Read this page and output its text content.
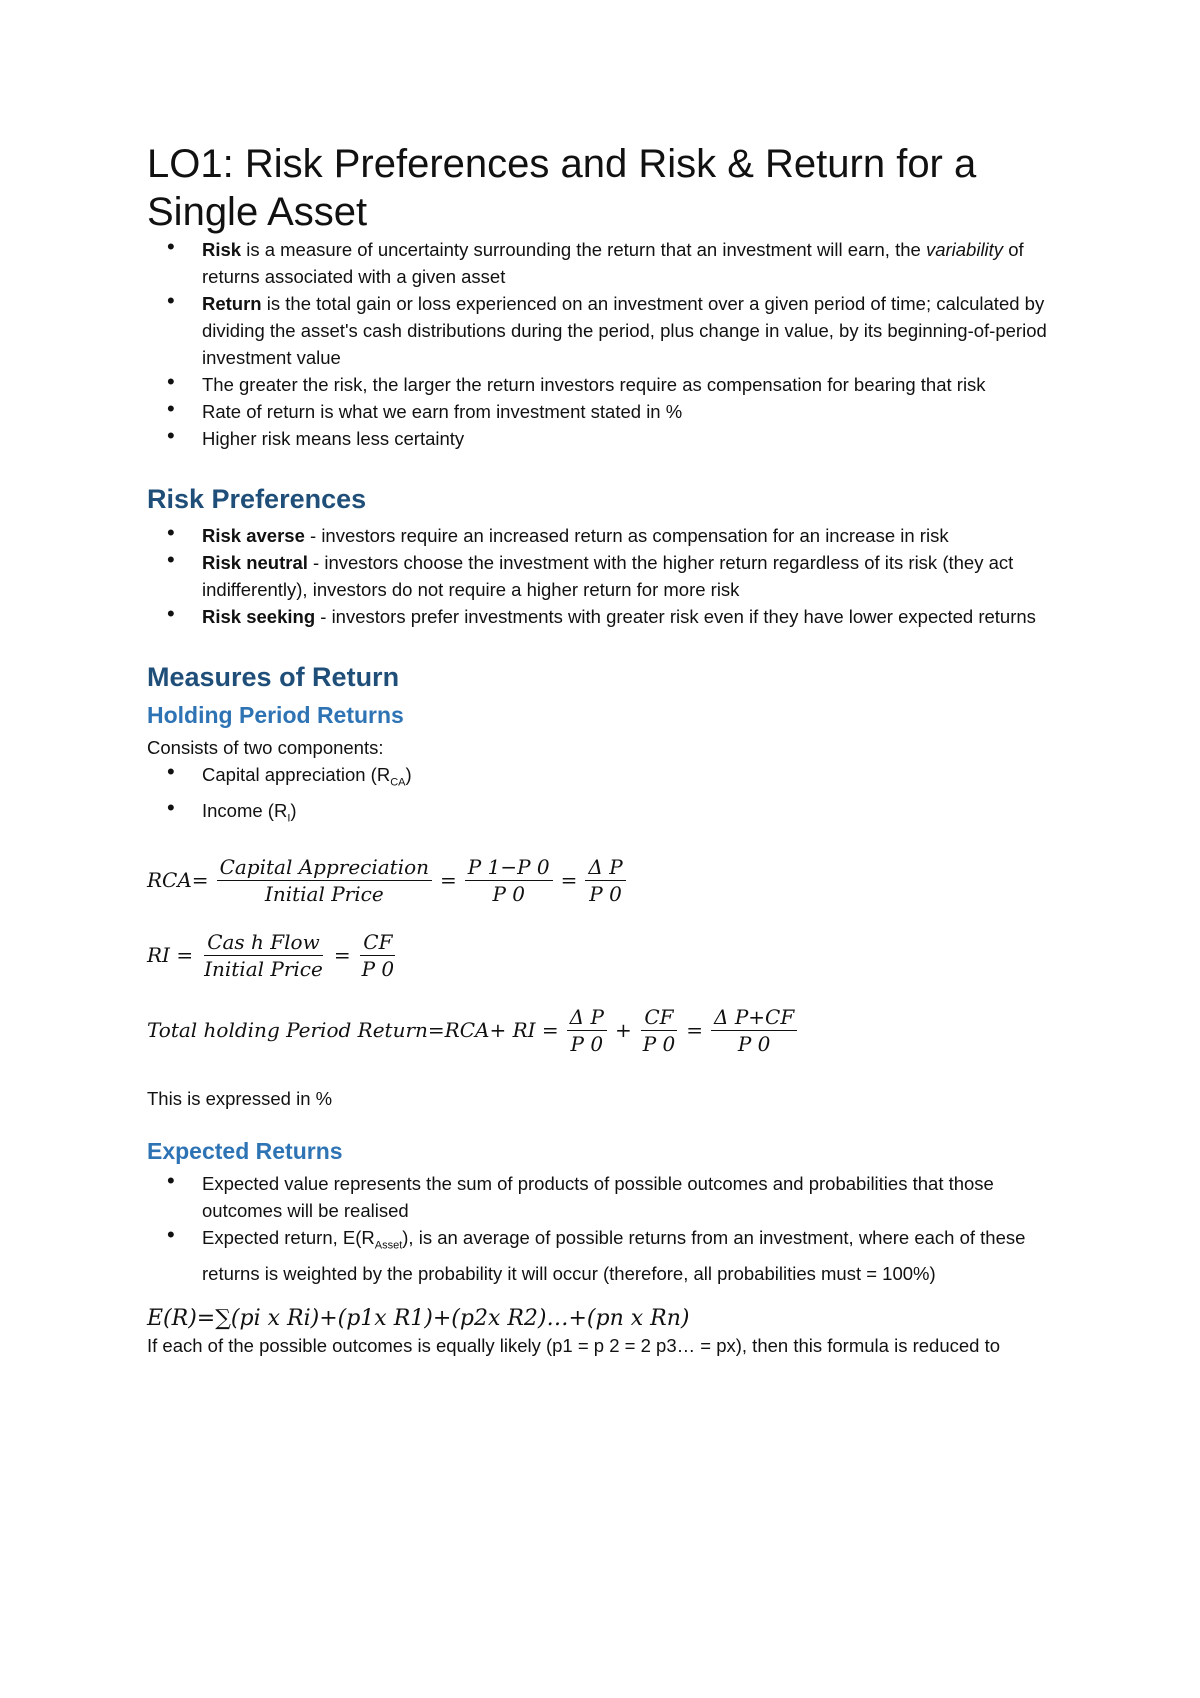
LO1: Risk Preferences and Risk & Return for a Single Asset
• Risk is a measure of uncertainty surrounding the return that an investment will earn, the variability of returns associated with a given asset
• Return is the total gain or loss experienced on an investment over a given period of time; calculated by dividing the asset's cash distributions during the period, plus change in value, by its beginning-of-period investment value
• The greater the risk, the larger the return investors require as compensation for bearing that risk
• Rate of return is what we earn from investment stated in %
• Higher risk means less certainty
Risk Preferences
• Risk averse - investors require an increased return as compensation for an increase in risk
• Risk neutral - investors choose the investment with the higher return regardless of its risk (they act indifferently), investors do not require a higher return for more risk
• Risk seeking - investors prefer investments with greater risk even if they have lower expected returns
Measures of Return
Holding Period Returns

Consists of two components:

• Capital appreciation $(R_{CA})$
• Income $(R_I)$
$RCA= \frac{\text{Capital Appreciation}}{\text{Initial Price}} = \frac{P 1-P 0}{P 0} = \frac{\text{Δ P}}{P 0}$
RI = $\frac{\text{Cas h Flow}}{\text{Initial Price}} = \frac{CF}{P 0}$
Total holding Period Return=RCA+ RI = $\frac{\text{Δ P}}{P 0} + \frac{CF}{P 0} = \frac{\text{Δ P+CF}}{P 0}$

This is expressed in %

Expected Returns
• Expected value represents the sum of products of possible outcomes and probabilities that those outcomes will be realised
• Expected return, $E(R_{Asset})$, is an average of possible returns from an investment, where each of these returns is weighted by the probability it will occur (therefore, all probabilities must = 100%)

E(R)=∑(pi x Ri)+(p1x R1)+(p2x R2)…+(pn x Rn)

If each of the possible outcomes is equally likely (p1 = p 2 = 2 p3… = px), then this formula is reduced to
